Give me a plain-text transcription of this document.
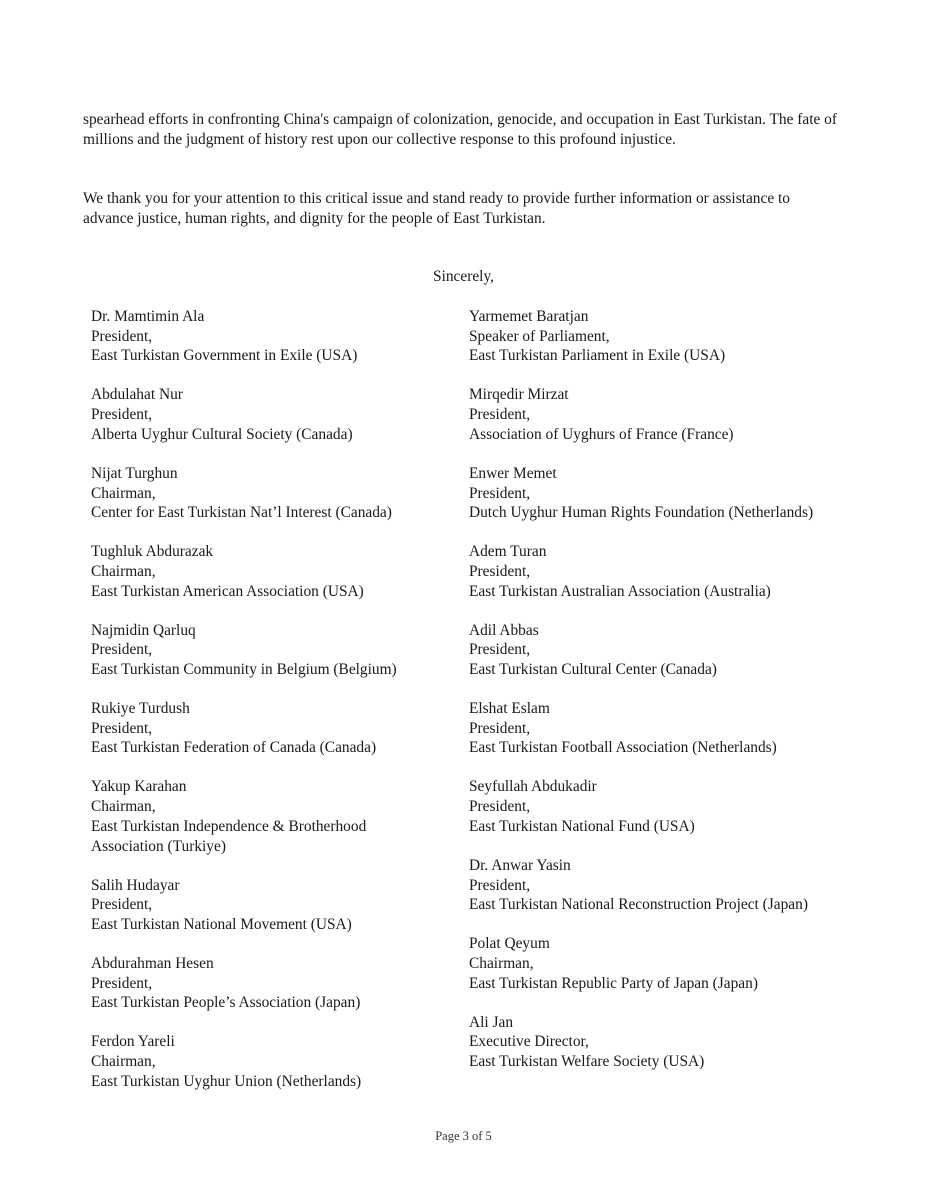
spearhead efforts in confronting China's campaign of colonization, genocide, and occupation in East Turkistan. The fate of millions and the judgment of history rest upon our collective response to this profound injustice.

We thank you for your attention to this critical issue and stand ready to provide further information or assistance to advance justice, human rights, and dignity for the people of East Turkistan.

Sincerely,
Dr. Mamtimin Ala
President,
East Turkistan Government in Exile (USA)
Abdulahat Nur
President,
Alberta Uyghur Cultural Society (Canada)
Nijat Turghun
Chairman,
Center for East Turkistan Nat’l Interest (Canada)
Tughluk Abdurazak
Chairman,
East Turkistan American Association (USA)
Najmidin Qarluq
President,
East Turkistan Community in Belgium (Belgium)
Rukiye Turdush
President,
East Turkistan Federation of Canada (Canada)
Yakup Karahan
Chairman,
East Turkistan Independence & Brotherhood
Association (Turkiye)
Salih Hudayar
President,
East Turkistan National Movement (USA)
Abdurahman Hesen
President,
East Turkistan People’s Association (Japan)
Ferdon Yareli
Chairman,
East Turkistan Uyghur Union (Netherlands)
Yarmemet Baratjan
Speaker of Parliament,
East Turkistan Parliament in Exile (USA)
Mirqedir Mirzat
President,
Association of Uyghurs of France (France)
Enwer Memet
President,
Dutch Uyghur Human Rights Foundation (Netherlands)
Adem Turan
President,
East Turkistan Australian Association (Australia)
Adil Abbas
President,
East Turkistan Cultural Center (Canada)
Elshat Eslam
President,
East Turkistan Football Association (Netherlands)
Seyfullah Abdukadir
President,
East Turkistan National Fund (USA)
Dr. Anwar Yasin
President,
East Turkistan National Reconstruction Project (Japan)
Polat Qeyum
Chairman,
East Turkistan Republic Party of Japan (Japan)
Ali Jan
Executive Director,
East Turkistan Welfare Society (USA)
Page 3 of 5
